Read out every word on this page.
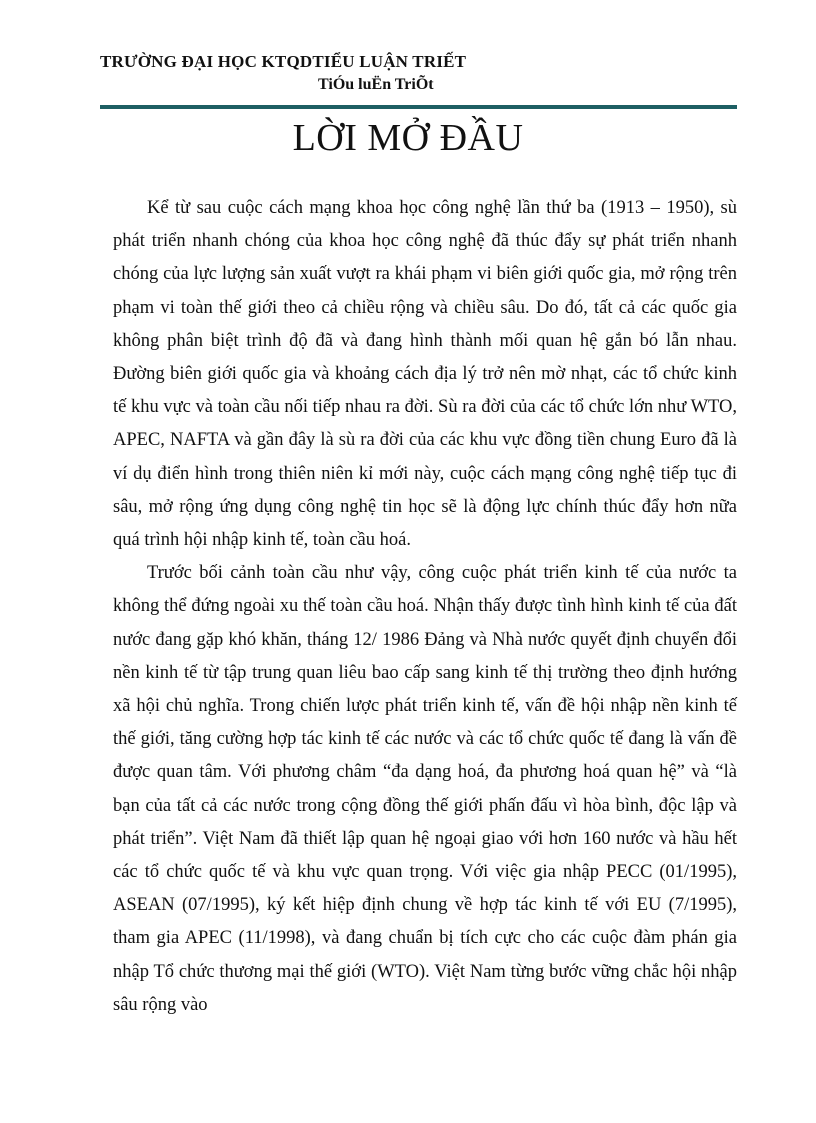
TRƯỜNG ĐẠI HỌC KTQDTIỂU LUẬN TRIẾT
TiÓu luËn TriÕt
LỜI MỞ ĐẦU

Kể từ sau cuộc cách mạng khoa học công nghệ lần thứ ba (1913 – 1950), sù phát triển nhanh chóng của khoa học công nghệ đã thúc đẩy sự phát triển nhanh chóng của lực lượng sản xuất vượt ra khái phạm vi biên giới quốc gia, mở rộng trên phạm vi toàn thế giới theo cả chiều rộng và chiều sâu. Do đó, tất cả các quốc gia không phân biệt trình độ đã và đang hình thành mối quan hệ gắn bó lẫn nhau. Đường biên giới quốc gia và khoảng cách địa lý trở nên mờ nhạt, các tổ chức kinh tế khu vực và toàn cầu nối tiếp nhau ra đời. Sù ra đời của các tổ chức lớn như WTO, APEC, NAFTA và gần đây là sù ra đời của các khu vực đồng tiền chung Euro đã là ví dụ điển hình trong thiên niên kỉ mới này, cuộc cách mạng công nghệ tiếp tục đi sâu, mở rộng ứng dụng công nghệ tin học sẽ là động lực chính thúc đẩy hơn nữa quá trình hội nhập kinh tế, toàn cầu hoá.

Trước bối cảnh toàn cầu như vậy, công cuộc phát triển kinh tế của nước ta không thể đứng ngoài xu thế toàn cầu hoá. Nhận thấy được tình hình kinh tế của đất nước đang gặp khó khăn, tháng 12/ 1986 Đảng và Nhà nước quyết định chuyển đổi nền kinh tế từ tập trung quan liêu bao cấp sang kinh tế thị trường theo định hướng xã hội chủ nghĩa. Trong chiến lược phát triển kinh tế, vấn đề hội nhập nền kinh tế thế giới, tăng cường hợp tác kinh tế các nước và các tổ chức quốc tế đang là vấn đề được quan tâm. Với phương châm “đa dạng hoá, đa phương hoá quan hệ” và “là bạn của tất cả các nước trong cộng đồng thế giới phấn đấu vì hòa bình, độc lập và phát triển”. Việt Nam đã thiết lập quan hệ ngoại giao với hơn 160 nước và hầu hết các tổ chức quốc tế và khu vực quan trọng. Với việc gia nhập PECC (01/1995), ASEAN (07/1995), ký kết hiệp định chung về hợp tác kinh tế với EU (7/1995), tham gia APEC (11/1998), và đang chuẩn bị tích cực cho các cuộc đàm phán gia nhập Tổ chức thương mại thế giới (WTO). Việt Nam từng bước vững chắc hội nhập sâu rộng vào
